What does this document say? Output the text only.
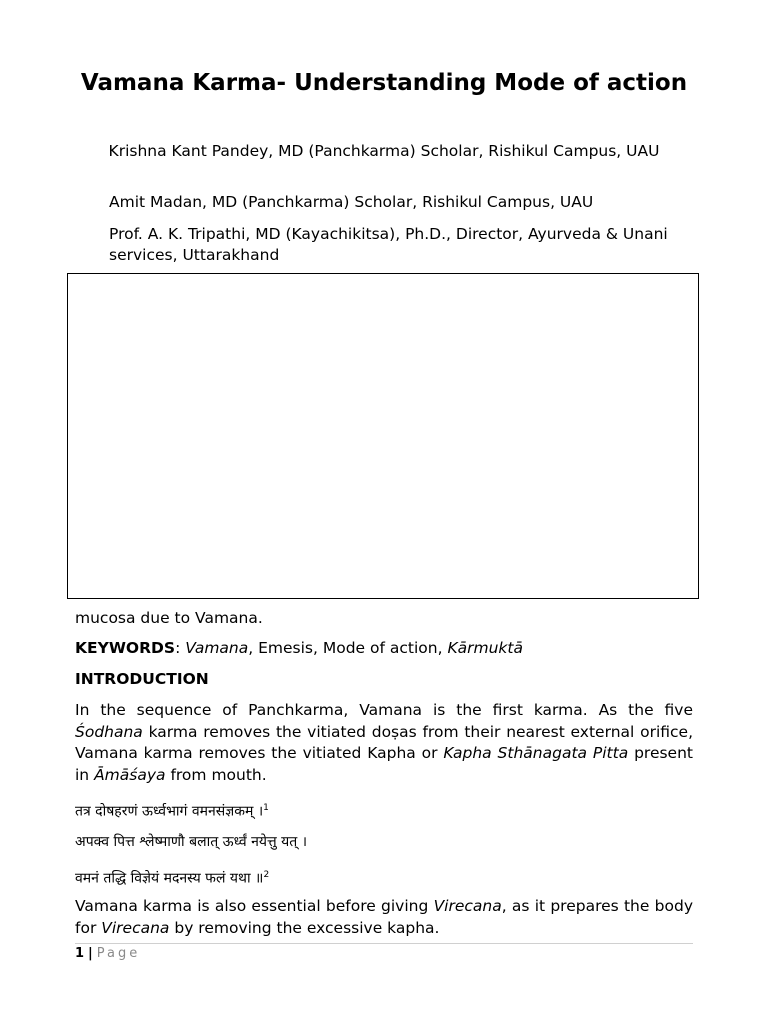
Vamana Karma- Understanding Mode of action
Krishna Kant Pandey, MD (Panchkarma) Scholar, Rishikul Campus, UAU
Amit Madan, MD (Panchkarma) Scholar, Rishikul Campus, UAU
Prof. A. K. Tripathi, MD (Kayachikitsa), Ph.D., Director, Ayurveda & Unani services, Uttarakhand
mucosa due to Vamana.
KEYWORDS: Vamana, Emesis, Mode of action, Kārmuktā
INTRODUCTION
In the sequence of Panchkarma, Vamana is the first karma. As the five Śodhana karma removes the vitiated doṣas from their nearest external orifice, Vamana karma removes the vitiated Kapha or Kapha Sthānagata Pitta present in Āmāśaya from mouth.
तत्र दोषहरणं ऊर्ध्वभागं वमनसंज्ञकम् ।$^1$
अपक्व पित्त श्लेष्माणौ बलात् ऊर्ध्वं नयेत्तु यत् ।
वमनं तद्धि विज्ञेयं मदनस्य फलं यथा ॥$^2$
Vamana karma is also essential before giving Virecana, as it prepares the body for Virecana by removing the excessive kapha.
1 | Page
